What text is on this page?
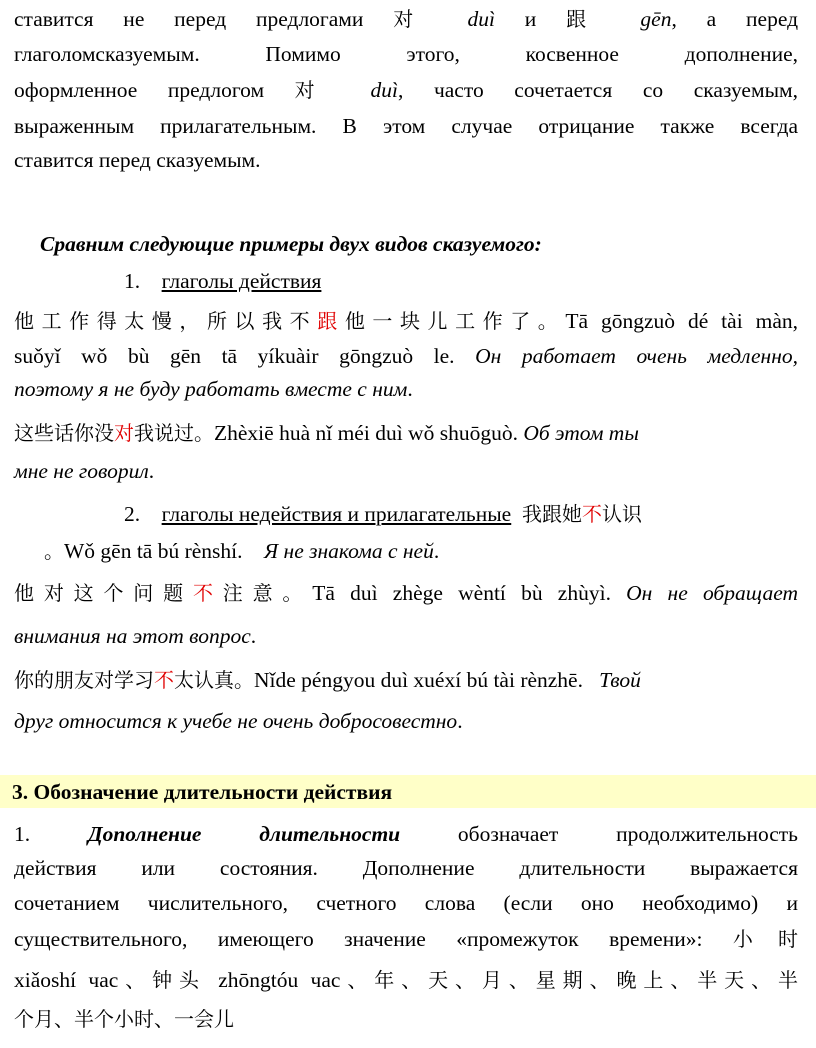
ставится не перед предлогами 对 duì и 跟 gēn, а перед
глаголомсказуемым. Помимо этого, косвенное дополнение,
оформленное предлогом 对 duì, часто сочетается со сказуемым,
выраженным прилагательным. В этом случае отрицание также всегда
ставится перед сказуемым.
Сравним следующие примеры двух видов сказуемого:
1. глаголы действия
他工作得太慢，所以我不跟他一块儿工作了。Tā gōngzuò dé tài màn,
suǒyǐ wǒ bù gēn tā yíkuàir gōngzuò le. Он работает очень медленно,
поэтому я не буду работать вместе с ним.
这些话你没对我说过。Zhèxiē huà nǐ méi duì wǒ shuōguò. Об этом ты
мне не говорил.
2. глаголы недействия и прилагательные 我跟她不认识
。Wǒ gēn tā bú rènshí. Я не знакома с ней.
他对这个问题不注意。Tā duì zhège wèntí bù zhùyì. Он не обращает
внимания на этот вопрос.
你的朋友对学习不太认真。Nǐde péngyou duì xuéxí bú tài rènzhē. Твой
друг относится к учебе не очень добросовестно.
3. Обозначение длительности действия
1. Дополнение длительности обозначает продолжительность
действия или состояния. Дополнение длительности выражается
сочетанием числительного, счетного слова (если оно необходимо) и
существительного, имеющего значение «промежуток времени»: 小时
xiǎoshí час、钟头 zhōngtóu час、年、天、月、星期、晚上、半天、半
个月、半个小时、一会儿
